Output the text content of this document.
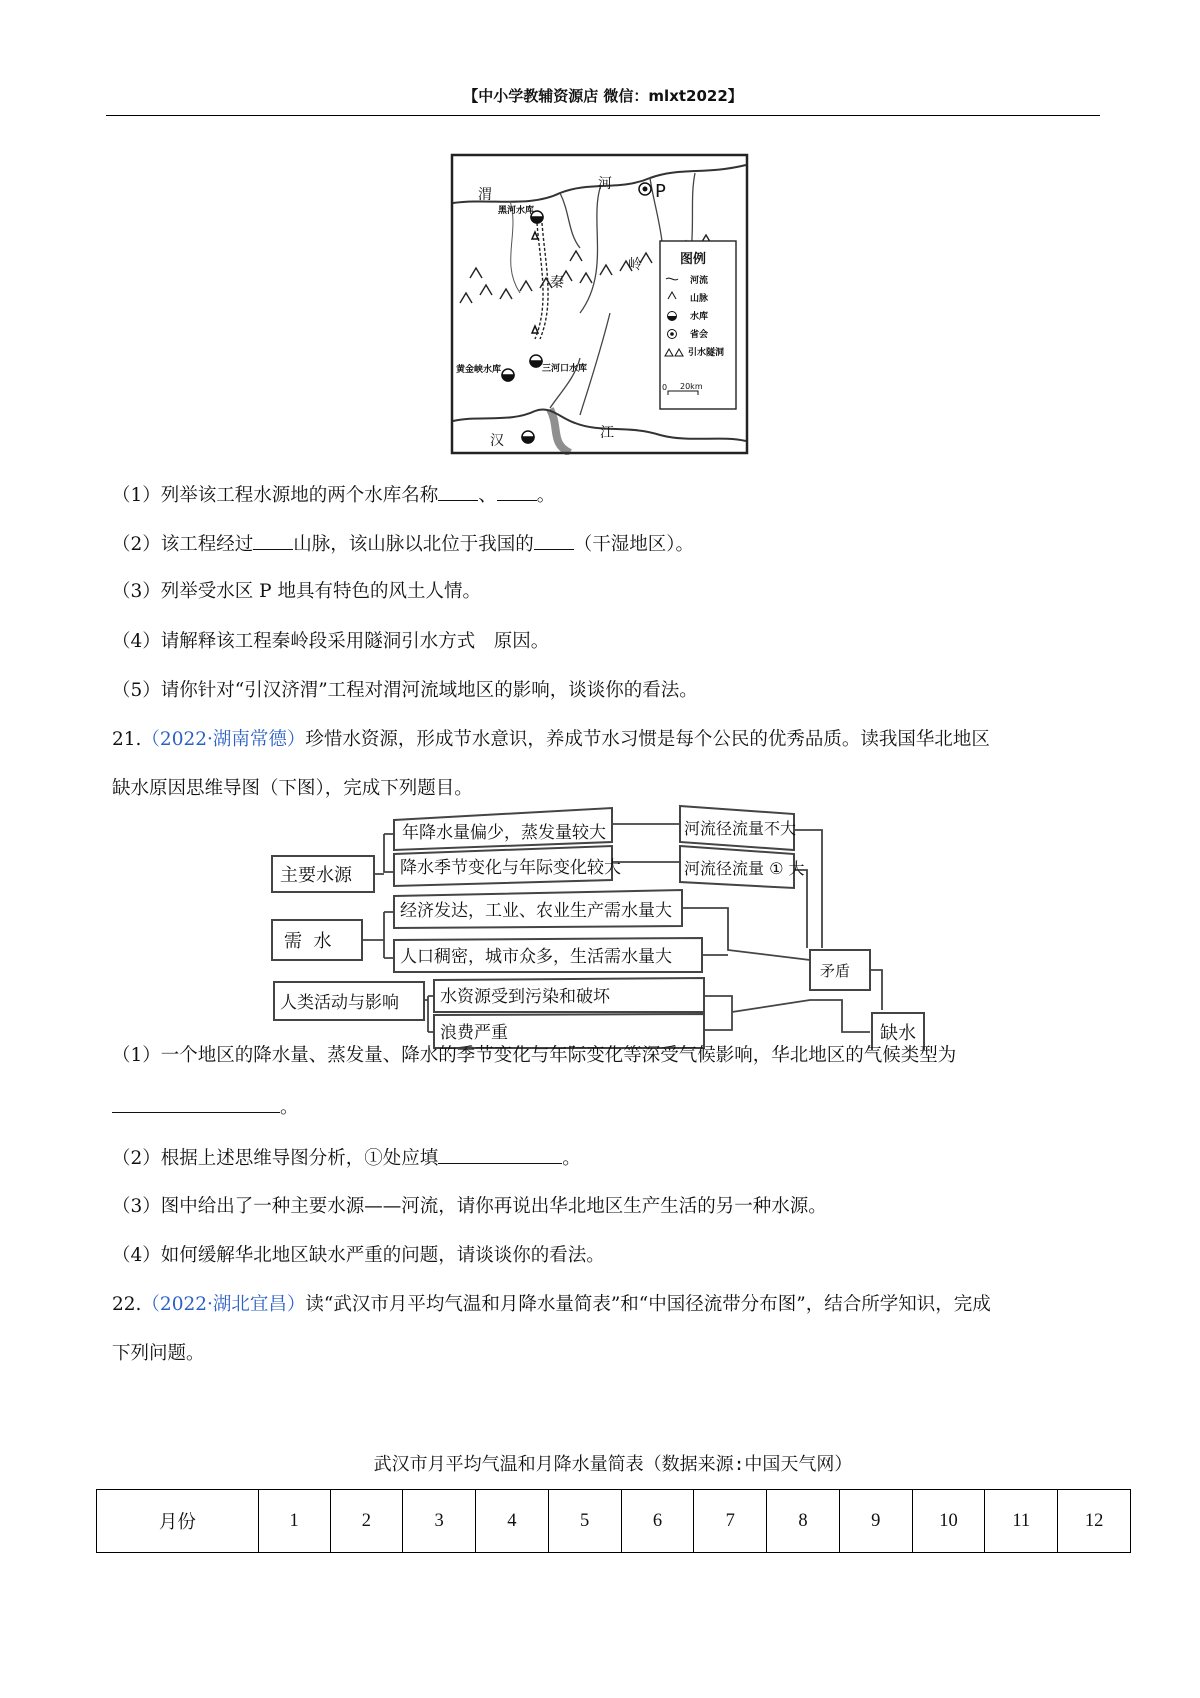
【中小学教辅资源店 微信：mlxt2022】
渭
河
汉	江
秦
岭
P
黑河水库
黄金峡水库	三河口水库
图例
河流
山脉
水库
省会
引水隧洞
0 20km
（1）列举该工程水源地的两个水库名称 、 。
（2）该工程经过 山脉，该山脉以北位于我国的 （干湿地区）。
（3）列举受水区 P 地具有特色的风土人情。
（4）请解释该工程秦岭段采用隧洞引水方式　原因。
（5）请你针对“引汉济渭”工程对渭河流域地区的影响，谈谈你的看法。
21.（2022·湖南常德）珍惜水资源，形成节水意识，养成节水习惯是每个公民的优秀品质。读我国华北地区
缺水原因思维导图（下图），完成下列题目。
主要水源
需  水
人类活动与影响
年降水量偏少，蒸发量较大
降水季节变化与年际变化较大
经济发达，工业、农业生产需水量大
人口稠密，城市众多，生活需水量大
水资源受到污染和破坏
浪费严重
河流径流量不大
河流径流量 ① 大
矛盾
缺水
（1）一个地区的降水量、蒸发量、降水的季节变化与年际变化等深受气候影响，华北地区的气候类型为
。
（2）根据上述思维导图分析，①处应填	。
（3）图中给出了一种主要水源——河流，请你再说出华北地区生产生活的另一种水源。
（4）如何缓解华北地区缺水严重的问题，请谈谈你的看法。
22.（2022·湖北宜昌）读“武汉市月平均气温和月降水量简表”和“中国径流带分布图”，结合所学知识，完成
下列问题。
武汉市月平均气温和月降水量简表（数据来源:中国天气网）
月份	1	2	3	4	5	6	7	8	9	10	11	12
